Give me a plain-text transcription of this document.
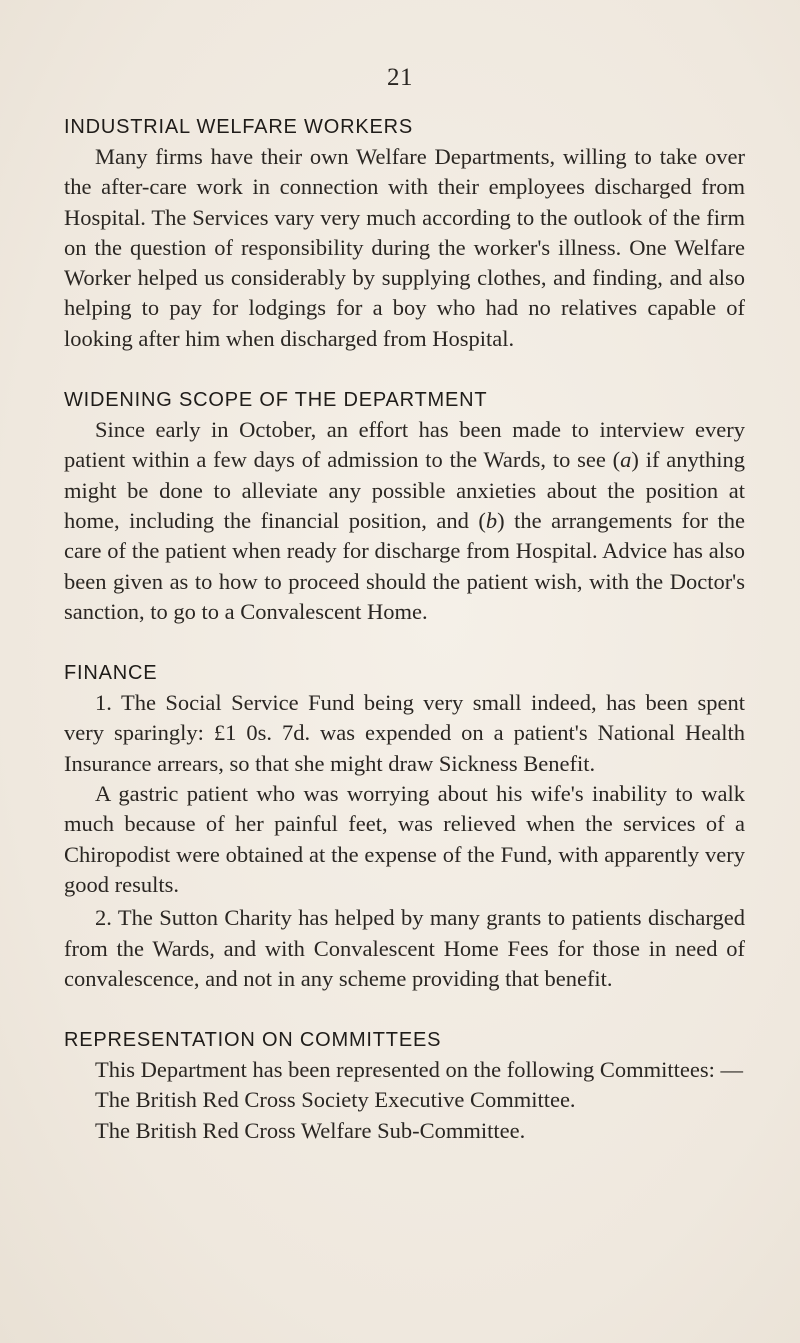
21
INDUSTRIAL WELFARE WORKERS

Many firms have their own Welfare Departments, willing to take over the after-care work in connection with their employees discharged from Hospital. The Services vary very much according to the outlook of the firm on the question of responsibility during the worker's illness. One Welfare Worker helped us considerably by supplying clothes, and finding, and also helping to pay for lodgings for a boy who had no relatives capable of looking after him when discharged from Hospital.

WIDENING SCOPE OF THE DEPARTMENT

Since early in October, an effort has been made to interview every patient within a few days of admission to the Wards, to see (a) if anything might be done to alleviate any possible anxieties about the position at home, including the financial position, and (b) the arrangements for the care of the patient when ready for discharge from Hospital. Advice has also been given as to how to proceed should the patient wish, with the Doctor's sanction, to go to a Convalescent Home.

FINANCE

1. The Social Service Fund being very small indeed, has been spent very sparingly: £1 0s. 7d. was expended on a patient's National Health Insurance arrears, so that she might draw Sickness Benefit.

A gastric patient who was worrying about his wife's inability to walk much because of her painful feet, was relieved when the services of a Chiropodist were obtained at the expense of the Fund, with apparently very good results.

2. The Sutton Charity has helped by many grants to patients discharged from the Wards, and with Convalescent Home Fees for those in need of convalescence, and not in any scheme providing that benefit.

REPRESENTATION ON COMMITTEES

This Department has been represented on the following Committees: —

The British Red Cross Society Executive Committee.
The British Red Cross Welfare Sub-Committee.
